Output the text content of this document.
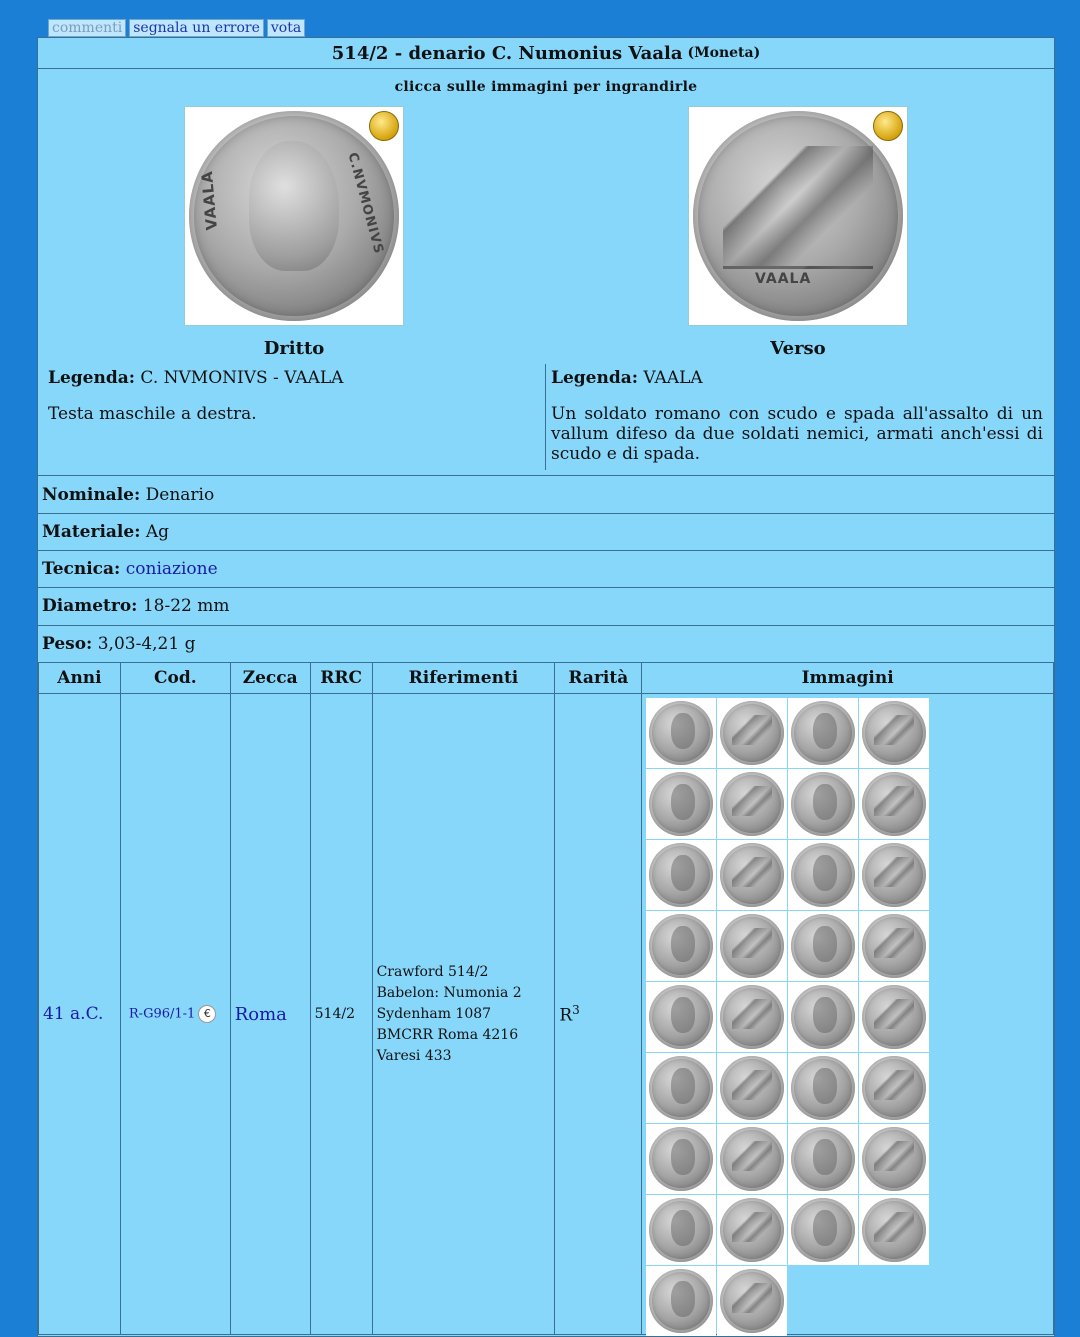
commenti segnala un errore vota
514/2 - denario C. Numonius Vaala (Moneta)
clicca sulle immagini per ingrandirle
VAALA	C.NVMONIVS
VAALA
Dritto	Verso
Legenda: C. NVMONIVS - VAALA	Legenda: VAALA
Testa maschile a destra.	Un soldato romano con scudo e spada all'assalto di un vallum difeso da due soldati nemici, armati anch'essi di scudo e di spada.
Nominale: Denario
Materiale: Ag
Tecnica: coniazione
Diametro: 18-22 mm
Peso: 3,03-4,21 g
Anni	Cod.	Zecca	RRC	Riferimenti	Rarità	Immagini
41 a.C.	R-G96/1-1 €	Roma	514/2	Crawford 514/2
Babelon: Numonia 2
Sydenham 1087
BMCRR Roma 4216
Varesi 433	$R^3$	
